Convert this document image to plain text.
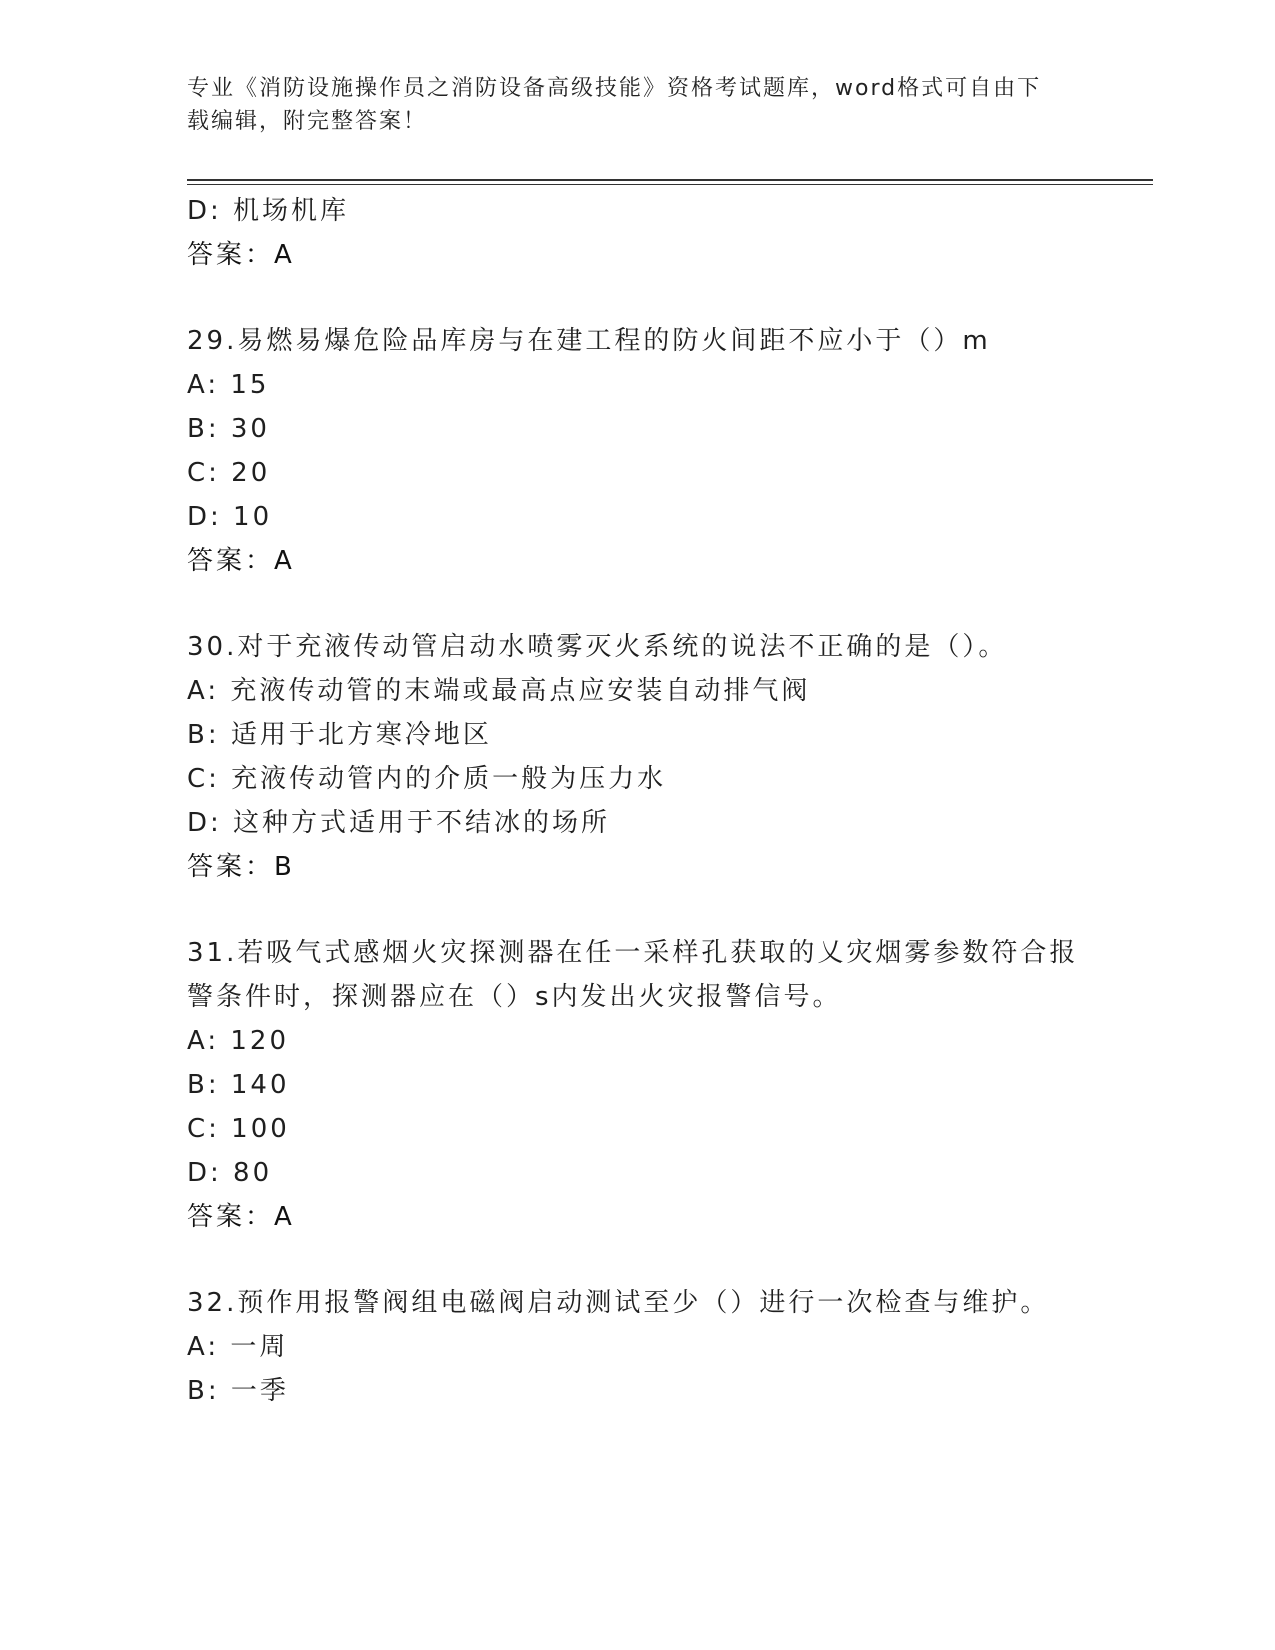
专业《消防设施操作员之消防设备高级技能》资格考试题库，word格式可自由下
载编辑，附完整答案！
D: 机场机库
答案：A
29.易燃易爆危险品库房与在建工程的防火间距不应小于（）m
A: 15
B: 30
C: 20
D: 10
答案：A
30.对于充液传动管启动水喷雾灭火系统的说法不正确的是（）。
A: 充液传动管的末端或最高点应安装自动排气阀
B: 适用于北方寒冷地区
C: 充液传动管内的介质一般为压力水
D: 这种方式适用于不结冰的场所
答案：B
31.若吸气式感烟火灾探测器在任一采样孔获取的乂灾烟雾参数符合报
警条件时，探测器应在（）s内发出火灾报警信号。
A: 120
B: 140
C: 100
D: 80
答案：A
32.预作用报警阀组电磁阀启动测试至少（）进行一次检查与维护。
A: 一周
B: 一季
